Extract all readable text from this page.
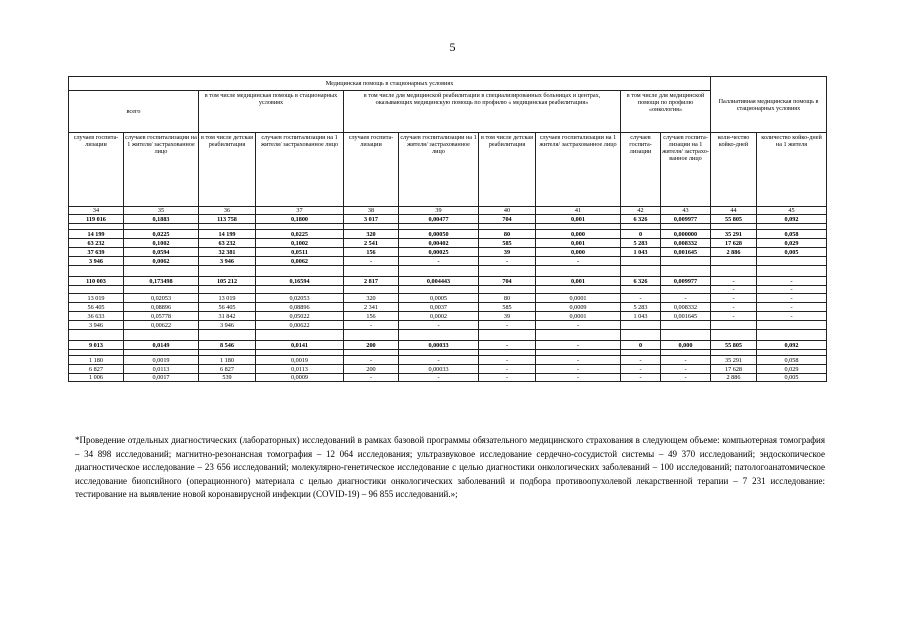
5
Медицинская помощь в стационарных условиях										Паллиативная медицинская помощь в стационарных условиях	
всего		в том числе медицинская помощь в стационарных условиях		в том числе для медицинской реабилитации в специализированных больницах и центрах, оказывающих медицинскую помощь по профилю « медицинская реабилитация»				в том числе для медицинской помощи по профилю «онкология»			
случаев госпита-лизации	случаев госпитализации на 1 жителя/ застрахованное лицо	в том числе детская реабилитация	случаев госпитализации на 1 жителя/ застрахованное лицо	случаев госпита-лизации	случаев госпитализации на 1 жителя/ застрахованное лицо	в том числе детская реабилитация	случаев госпитализации на 1 жителя/ застрахованное лицо	случаев госпита-лизации	случаев госпита-лизации на 1 жителя/ застрахо-ванное лицо	коли-чество койко-дней	количество койко-дней на 1 жителя
34	35	36	37	38	39	40	41	42	43	44	45
119 016	0,1883	113 758	0,1800	3 017	0,00477	704	0,001	6 326	0,009977	55 805	0,092

14 199	0,0225	14 199	0,0225	320	0,00050	80	0,000	0	0,000000	35 291	0,058
63 232	0,1002	63 232	0,1002	2 541	0,00402	585	0,001	5 283	0,008332	17 628	0,029
37 639	0,0594	32 381	0,0511	156	0,00025	39	0,000	1 043	0,001645	2 886	0,005
3 946	0,0062	3 946	0,0062	-	-	-	-				

110 003	0,173498	105 212	0,16594	2 817	0,004443	704	0,001	6 326	0,009977	-	-
										-	-
13 019	0,02053	13 019	0,02053	320	0,0005	80	0,0001	-	-	-	-
56 405	0,08896	56 405	0,08896	2 341	0,0037	585	0,0009	5 283	0,008332	-	-
36 633	0,05778	31 842	0,05022	156	0,0002	39	0,0001	1 043	0,001645	-	-
3 946	0,00622	3 946	0,00622	-	-	-	-				

9 013	0,0149	8 546	0,0141	200	0,00033	-	-	0	0,000	55 805	0,092

1 180	0,0019	1 180	0,0019	-	-	-	-	-	-	35 291	0,058
6 827	0,0113	6 827	0,0113	200	0,00033	-	-	-	-	17 628	0,029
1 006	0,0017	539	0,0009	-	-	-	-	-	-	2 886	0,005
*Проведение отдельных диагностических (лабораторных) исследований в рамках базовой программы обязательного медицинского страхования в следующем объеме: компьютерная томография – 34 898 исследований; магнитно-резонансная томография – 12 064 исследования; ультразвуковое исследование сердечно-сосудистой системы – 49 370 исследований; эндоскопическое диагностическое исследование – 23 656 исследований; молекулярно-генетическое исследование с целью диагностики онкологических заболеваний – 100 исследований; патологоанатомическое исследование биопсийного (операционного) материала с целью диагностики онкологических заболеваний и подбора противоопухолевой лекарственной терапии – 7 231 исследование: тестирование на выявление новой коронавирусной инфекции (COVID-19) – 96 855 исследований.»;
